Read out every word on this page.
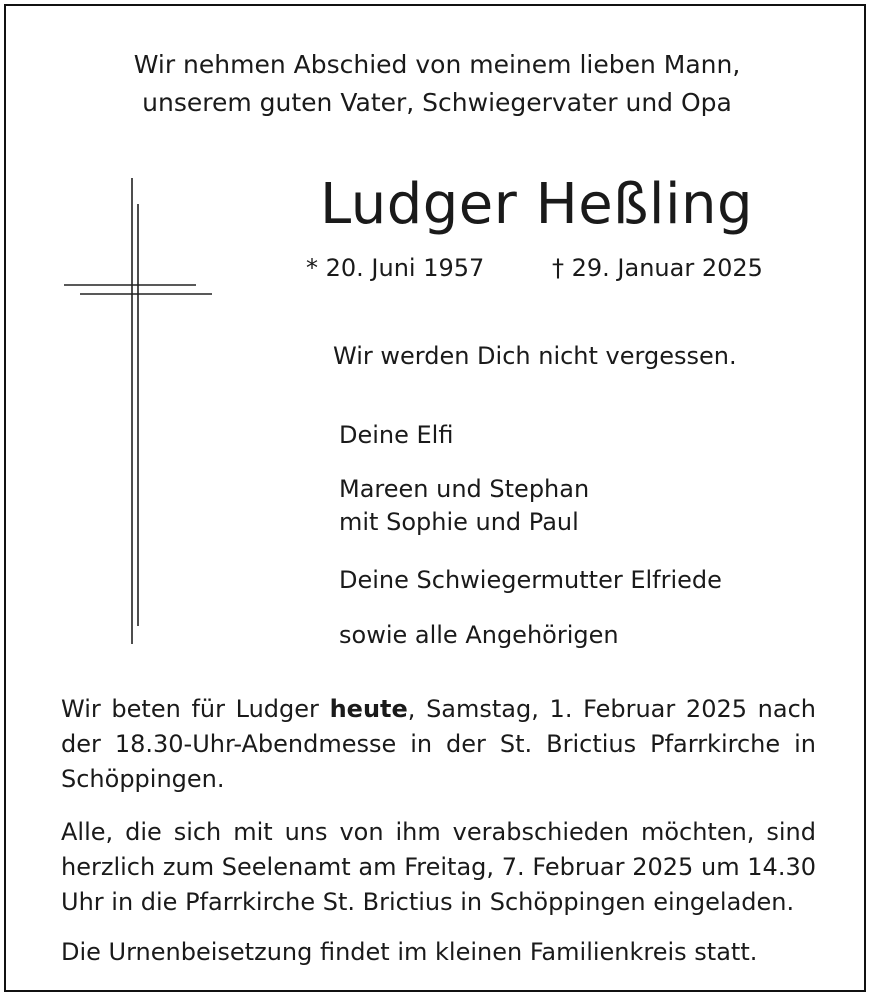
Wir nehmen Abschied von meinem lieben Mann,
unserem guten Vater, Schwiegervater und Opa
Ludger Heßling
* 20. Juni 1957	† 29. Januar 2025
Wir werden Dich nicht vergessen.
Deine Elfi
Mareen und Stephan
mit Sophie und Paul
Deine Schwiegermutter Elfriede
sowie alle Angehörigen
Wir beten für Ludger heute, Samstag, 1. Februar 2025 nach der 18.30-Uhr-Abendmesse in der St. Brictius Pfarrkirche in Schöppingen.
Alle, die sich mit uns von ihm verabschieden möchten, sind herzlich zum Seelenamt am Freitag, 7. Februar 2025 um 14.30 Uhr in die Pfarrkirche St. Brictius in Schöppingen eingeladen.
Die Urnenbeisetzung findet im kleinen Familienkreis statt.
